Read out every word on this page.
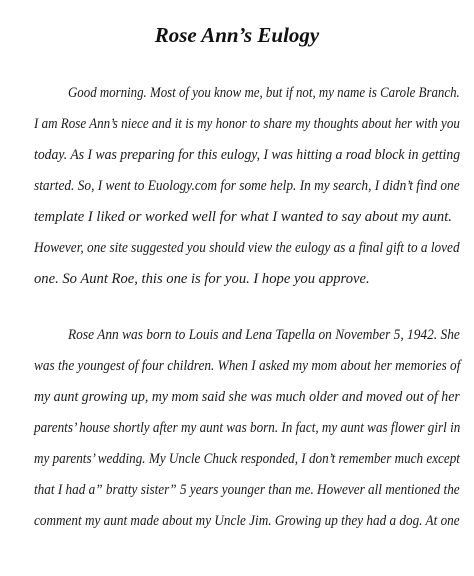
Rose Ann’s Eulogy
Good morning. Most of you know me, but if not, my name is Carole Branch.
I am Rose Ann’s niece and it is my honor to share my thoughts about her with you
today. As I was preparing for this eulogy, I was hitting a road block in getting
started. So, I went to Euology.com for some help. In my search, I didn’t find one
template I liked or worked well for what I wanted to say about my aunt.
However, one site suggested you should view the eulogy as a final gift to a loved
one. So Aunt Roe, this one is for you. I hope you approve.
Rose Ann was born to Louis and Lena Tapella on November 5, 1942. She
was the youngest of four children. When I asked my mom about her memories of
my aunt growing up, my mom said she was much older and moved out of her
parents’ house shortly after my aunt was born. In fact, my aunt was flower girl in
my parents’ wedding. My Uncle Chuck responded, I don’t remember much except
that I had a” bratty sister” 5 years younger than me. However all mentioned the
comment my aunt made about my Uncle Jim. Growing up they had a dog. At one
